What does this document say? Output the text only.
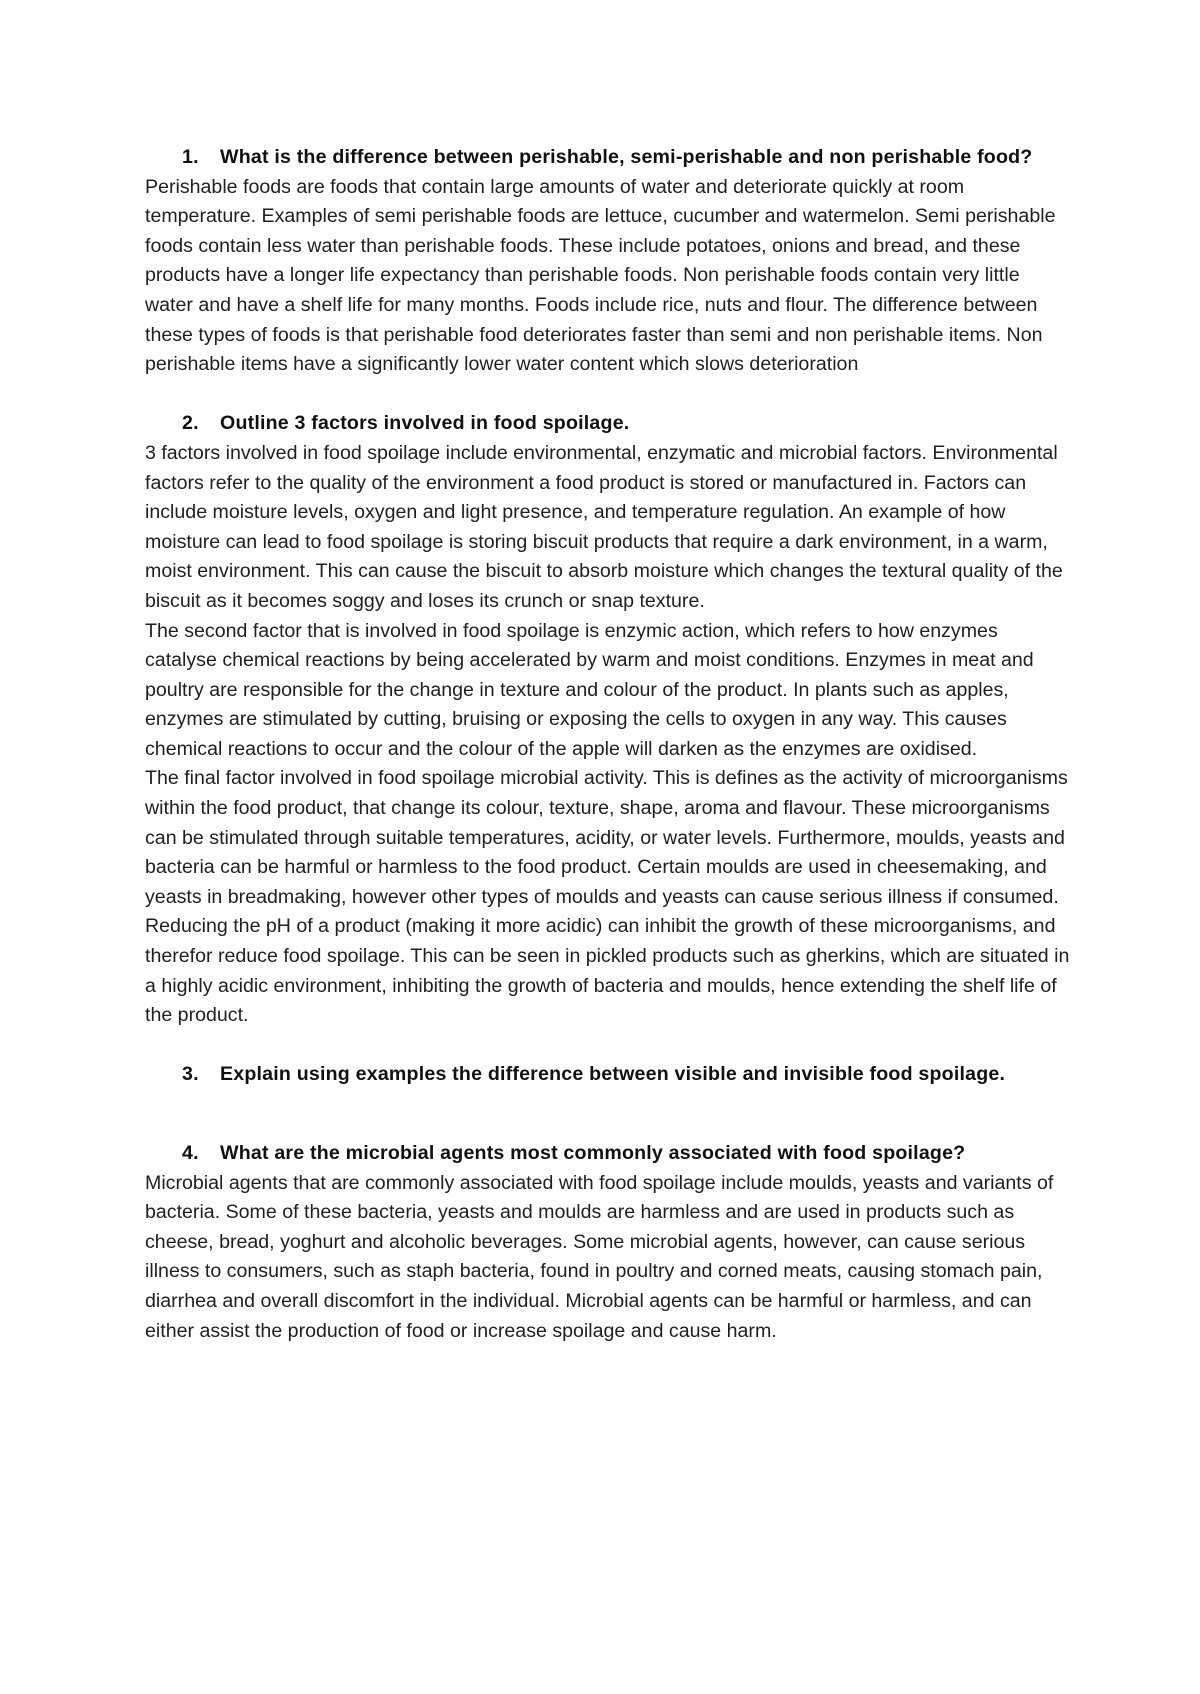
1.	What is the difference between perishable, semi-perishable and non perishable food?

Perishable foods are foods that contain large amounts of water and deteriorate quickly at room temperature. Examples of semi perishable foods are lettuce, cucumber and watermelon. Semi perishable foods contain less water than perishable foods. These include potatoes, onions and bread, and these products have a longer life expectancy than perishable foods. Non perishable foods contain very little water and have a shelf life for many months. Foods include rice, nuts and flour. The difference between these types of foods is that perishable food deteriorates faster than semi and non perishable items. Non perishable items have a significantly lower water content which slows deterioration

2.	Outline 3 factors involved in food spoilage.

3 factors involved in food spoilage include environmental, enzymatic and microbial factors. Environmental factors refer to the quality of the environment a food product is stored or manufactured in. Factors can include moisture levels, oxygen and light presence, and temperature regulation. An example of how moisture can lead to food spoilage is storing biscuit products that require a dark environment, in a warm, moist environment. This can cause the biscuit to absorb moisture which changes the textural quality of the biscuit as it becomes soggy and loses its crunch or snap texture.

The second factor that is involved in food spoilage is enzymic action, which refers to how enzymes catalyse chemical reactions by being accelerated by warm and moist conditions. Enzymes in meat and poultry are responsible for the change in texture and colour of the product. In plants such as apples, enzymes are stimulated by cutting, bruising or exposing the cells to oxygen in any way. This causes chemical reactions to occur and the colour of the apple will darken as the enzymes are oxidised.

The final factor involved in food spoilage microbial activity. This is defines as the activity of microorganisms within the food product, that change its colour, texture, shape, aroma and flavour. These microorganisms can be stimulated through suitable temperatures, acidity, or water levels. Furthermore, moulds, yeasts and bacteria can be harmful or harmless to the food product. Certain moulds are used in cheesemaking, and yeasts in breadmaking, however other types of moulds and yeasts can cause serious illness if consumed. Reducing the pH of a product (making it more acidic) can inhibit the growth of these microorganisms, and therefor reduce food spoilage. This can be seen in pickled products such as gherkins, which are situated in a highly acidic environment, inhibiting the growth of bacteria and moulds, hence extending the shelf life of the product.

3.	Explain using examples the difference between visible and invisible food spoilage.
4.	What are the microbial agents most commonly associated with food spoilage?

Microbial agents that are commonly associated with food spoilage include moulds, yeasts and variants of bacteria. Some of these bacteria, yeasts and moulds are harmless and are used in products such as cheese, bread, yoghurt and alcoholic beverages. Some microbial agents, however, can cause serious illness to consumers, such as staph bacteria, found in poultry and corned meats, causing stomach pain, diarrhea and overall discomfort in the individual. Microbial agents can be harmful or harmless, and can either assist the production of food or increase spoilage and cause harm.
